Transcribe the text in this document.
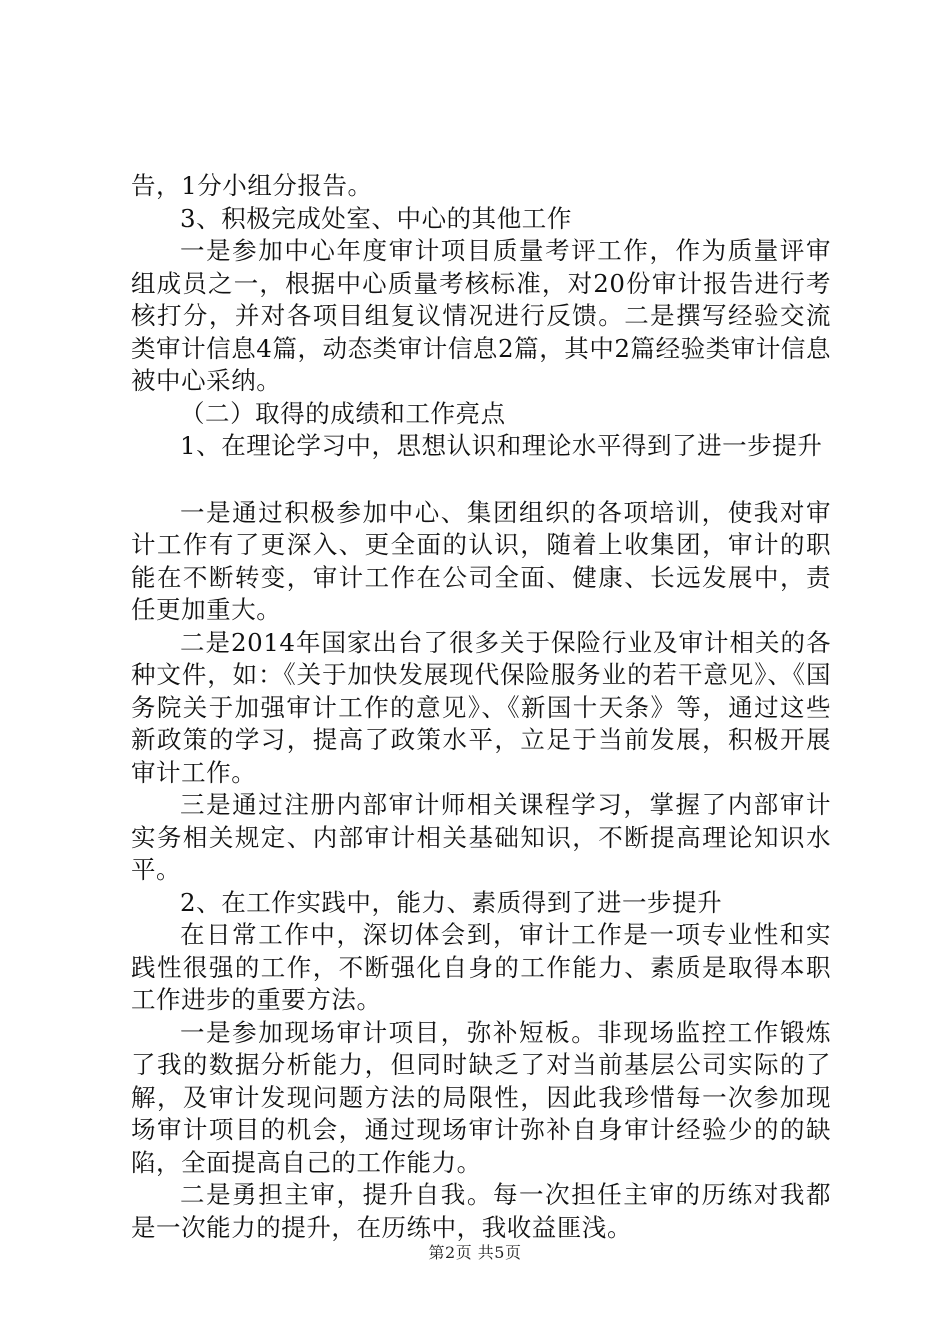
告，1分小组分报告。

3、积极完成处室、中心的其他工作

一是参加中心年度审计项目质量考评工作，作为质量评审组成员之一，根据中心质量考核标准，对20份审计报告进行考核打分，并对各项目组复议情况进行反馈。二是撰写经验交流类审计信息4篇，动态类审计信息2篇，其中2篇经验类审计信息被中心采纳。

（二）取得的成绩和工作亮点

1、在理论学习中，思想认识和理论水平得到了进一步提升

一是通过积极参加中心、集团组织的各项培训，使我对审计工作有了更深入、更全面的认识，随着上收集团，审计的职能在不断转变，审计工作在公司全面、健康、长远发展中，责任更加重大。

二是2014年国家出台了很多关于保险行业及审计相关的各种文件，如：《关于加快发展现代保险服务业的若干意见》、《国务院关于加强审计工作的意见》、《新国十天条》等，通过这些新政策的学习，提高了政策水平，立足于当前发展，积极开展审计工作。

三是通过注册内部审计师相关课程学习，掌握了内部审计实务相关规定、内部审计相关基础知识，不断提高理论知识水平。

2、在工作实践中，能力、素质得到了进一步提升

在日常工作中，深切体会到，审计工作是一项专业性和实践性很强的工作，不断强化自身的工作能力、素质是取得本职工作进步的重要方法。

一是参加现场审计项目，弥补短板。非现场监控工作锻炼了我的数据分析能力，但同时缺乏了对当前基层公司实际的了解，及审计发现问题方法的局限性，因此我珍惜每一次参加现场审计项目的机会，通过现场审计弥补自身审计经验少的的缺陷，全面提高自己的工作能力。

二是勇担主审，提升自我。每一次担任主审的历练对我都是一次能力的提升，在历练中，我收益匪浅。

第2页 共5页
